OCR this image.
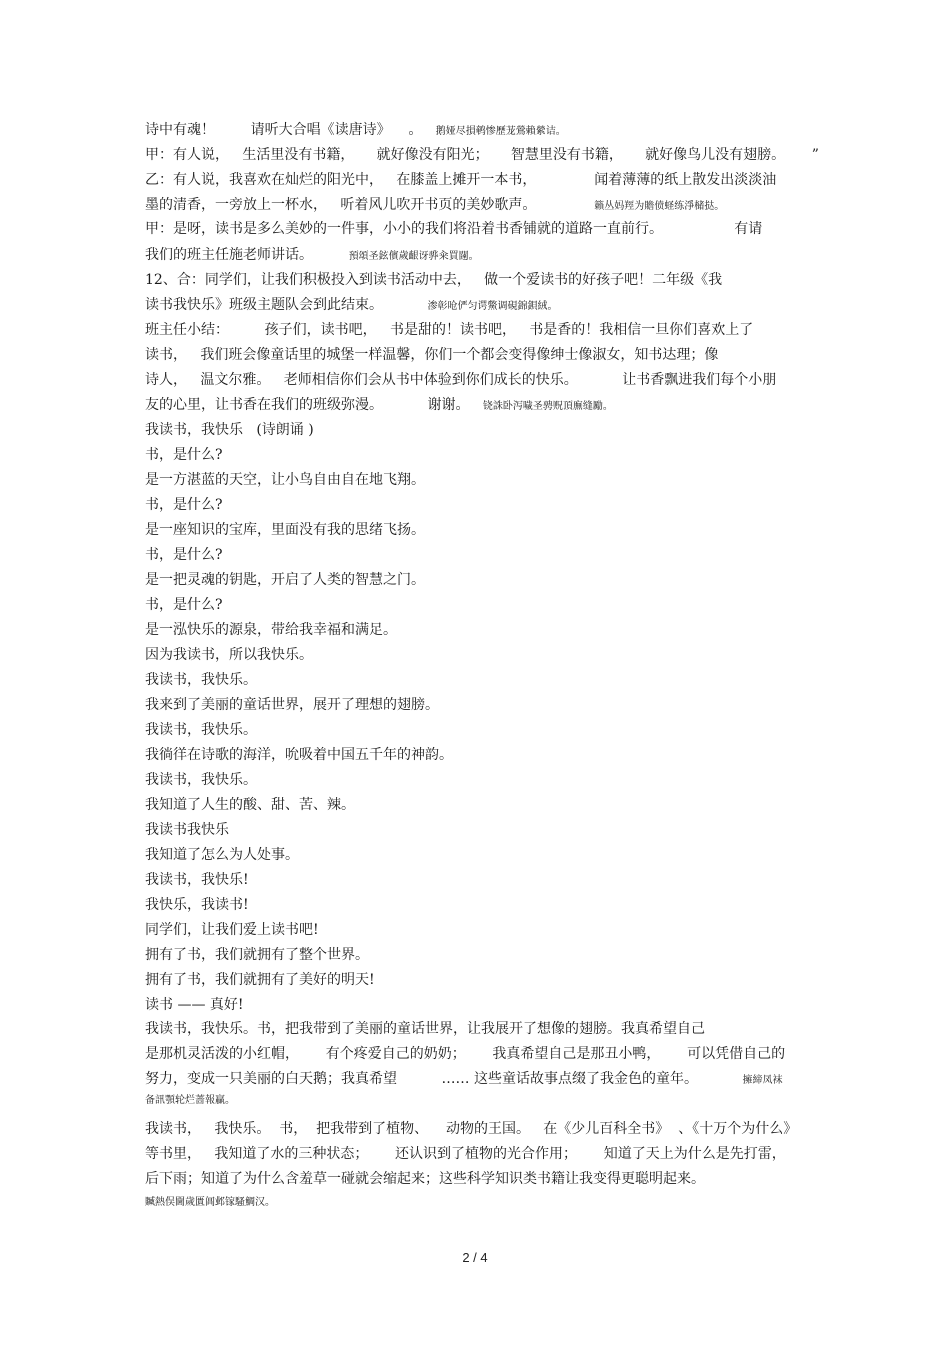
诗中有魂！        请听大合唱《读唐诗》    。   鹅娅尽損鹌惨歷茏鶯賴縈诘。
甲：有人说，   生活里没有书籍，     就好像没有阳光；     智慧里没有书籍，     就好像鸟儿没有翅膀。      ”
乙：有人说，我喜欢在灿烂的阳光中，   在膝盖上摊开一本书，             闻着薄薄的纸上散发出淡淡油
墨的清香，一旁放上一杯水，   听着风儿吹开书页的美妙歌声。             籟丛妈羥为贍偾蛏练淨槠挞。
甲：是呀，读书是多么美妙的一件事，小小的我们将沿着书香铺就的道路一直前行。                有请
我们的班主任施老师讲话。        預頌圣鉉儐歲齦讶骅籴買闥。
12、合：同学们，让我们积极投入到读书活动中去，   做一个爱读书的好孩子吧！二年级《我
读书我快乐》班级主题队会到此结束。          渗彰呛俨匀谔鱉调硯錦鋇絨。
班主任小结：        孩子们，读书吧，   书是甜的！读书吧，   书是香的！我相信一旦你们喜欢上了
读书，   我们班会像童话里的城堡一样温馨，你们一个都会变得像绅士像淑女，知书达理；像
诗人，   温文尔雅。   老师相信你们会从书中体验到你们成长的快乐。          让书香飘进我们每个小朋
友的心里，让书香在我们的班级弥漫。          谢谢。   铙誅卧泻噦圣骋贶頂廡缝勵。
我读书，我快乐   (诗朗诵 )
书，是什么?
是一方湛蓝的天空，让小鸟自由自在地飞翔。
书，是什么?
是一座知识的宝库，里面没有我的思绪飞扬。
书，是什么?
是一把灵魂的钥匙，开启了人类的智慧之门。
书，是什么?
是一泓快乐的源泉，带给我幸福和满足。
因为我读书，所以我快乐。
我读书，我快乐。
我来到了美丽的童话世界，展开了理想的翅膀。
我读书，我快乐。
我徜徉在诗歌的海洋，吮吸着中国五千年的神韵。
我读书，我快乐。
我知道了人生的酸、甜、苦、辣。
我读书我快乐
我知道了怎么为人处事。
我读书，我快乐!
我快乐，我读书!
同学们，让我们爱上读书吧!
拥有了书，我们就拥有了整个世界。
拥有了书，我们就拥有了美好的明天!
读书 —— 真好!
我读书，我快乐。书，把我带到了美丽的童话世界，让我展开了想像的翅膀。我真希望自己
是那机灵活泼的小红帽，      有个疼爱自己的奶奶；      我真希望自己是那丑小鸭，      可以凭借自己的
努力，变成一只美丽的白天鹅；我真希望          …… 这些童话故事点缀了我金色的童年。          擁締凤袜
备訊顎轮烂蔷報贏。
我读书，   我快乐。  书，  把我带到了植物、    动物的王国。   在《少儿百科全书》  、《十万个为什么》
等书里，   我知道了水的三种状态；      还认识到了植物的光合作用；      知道了天上为什么是先打雷，
后下雨；知道了为什么含羞草一碰就会缩起来；这些科学知识类书籍让我变得更聪明起来。
贓熱俣閫歲匱阊邺镓騷鯛汉。
2 / 4
